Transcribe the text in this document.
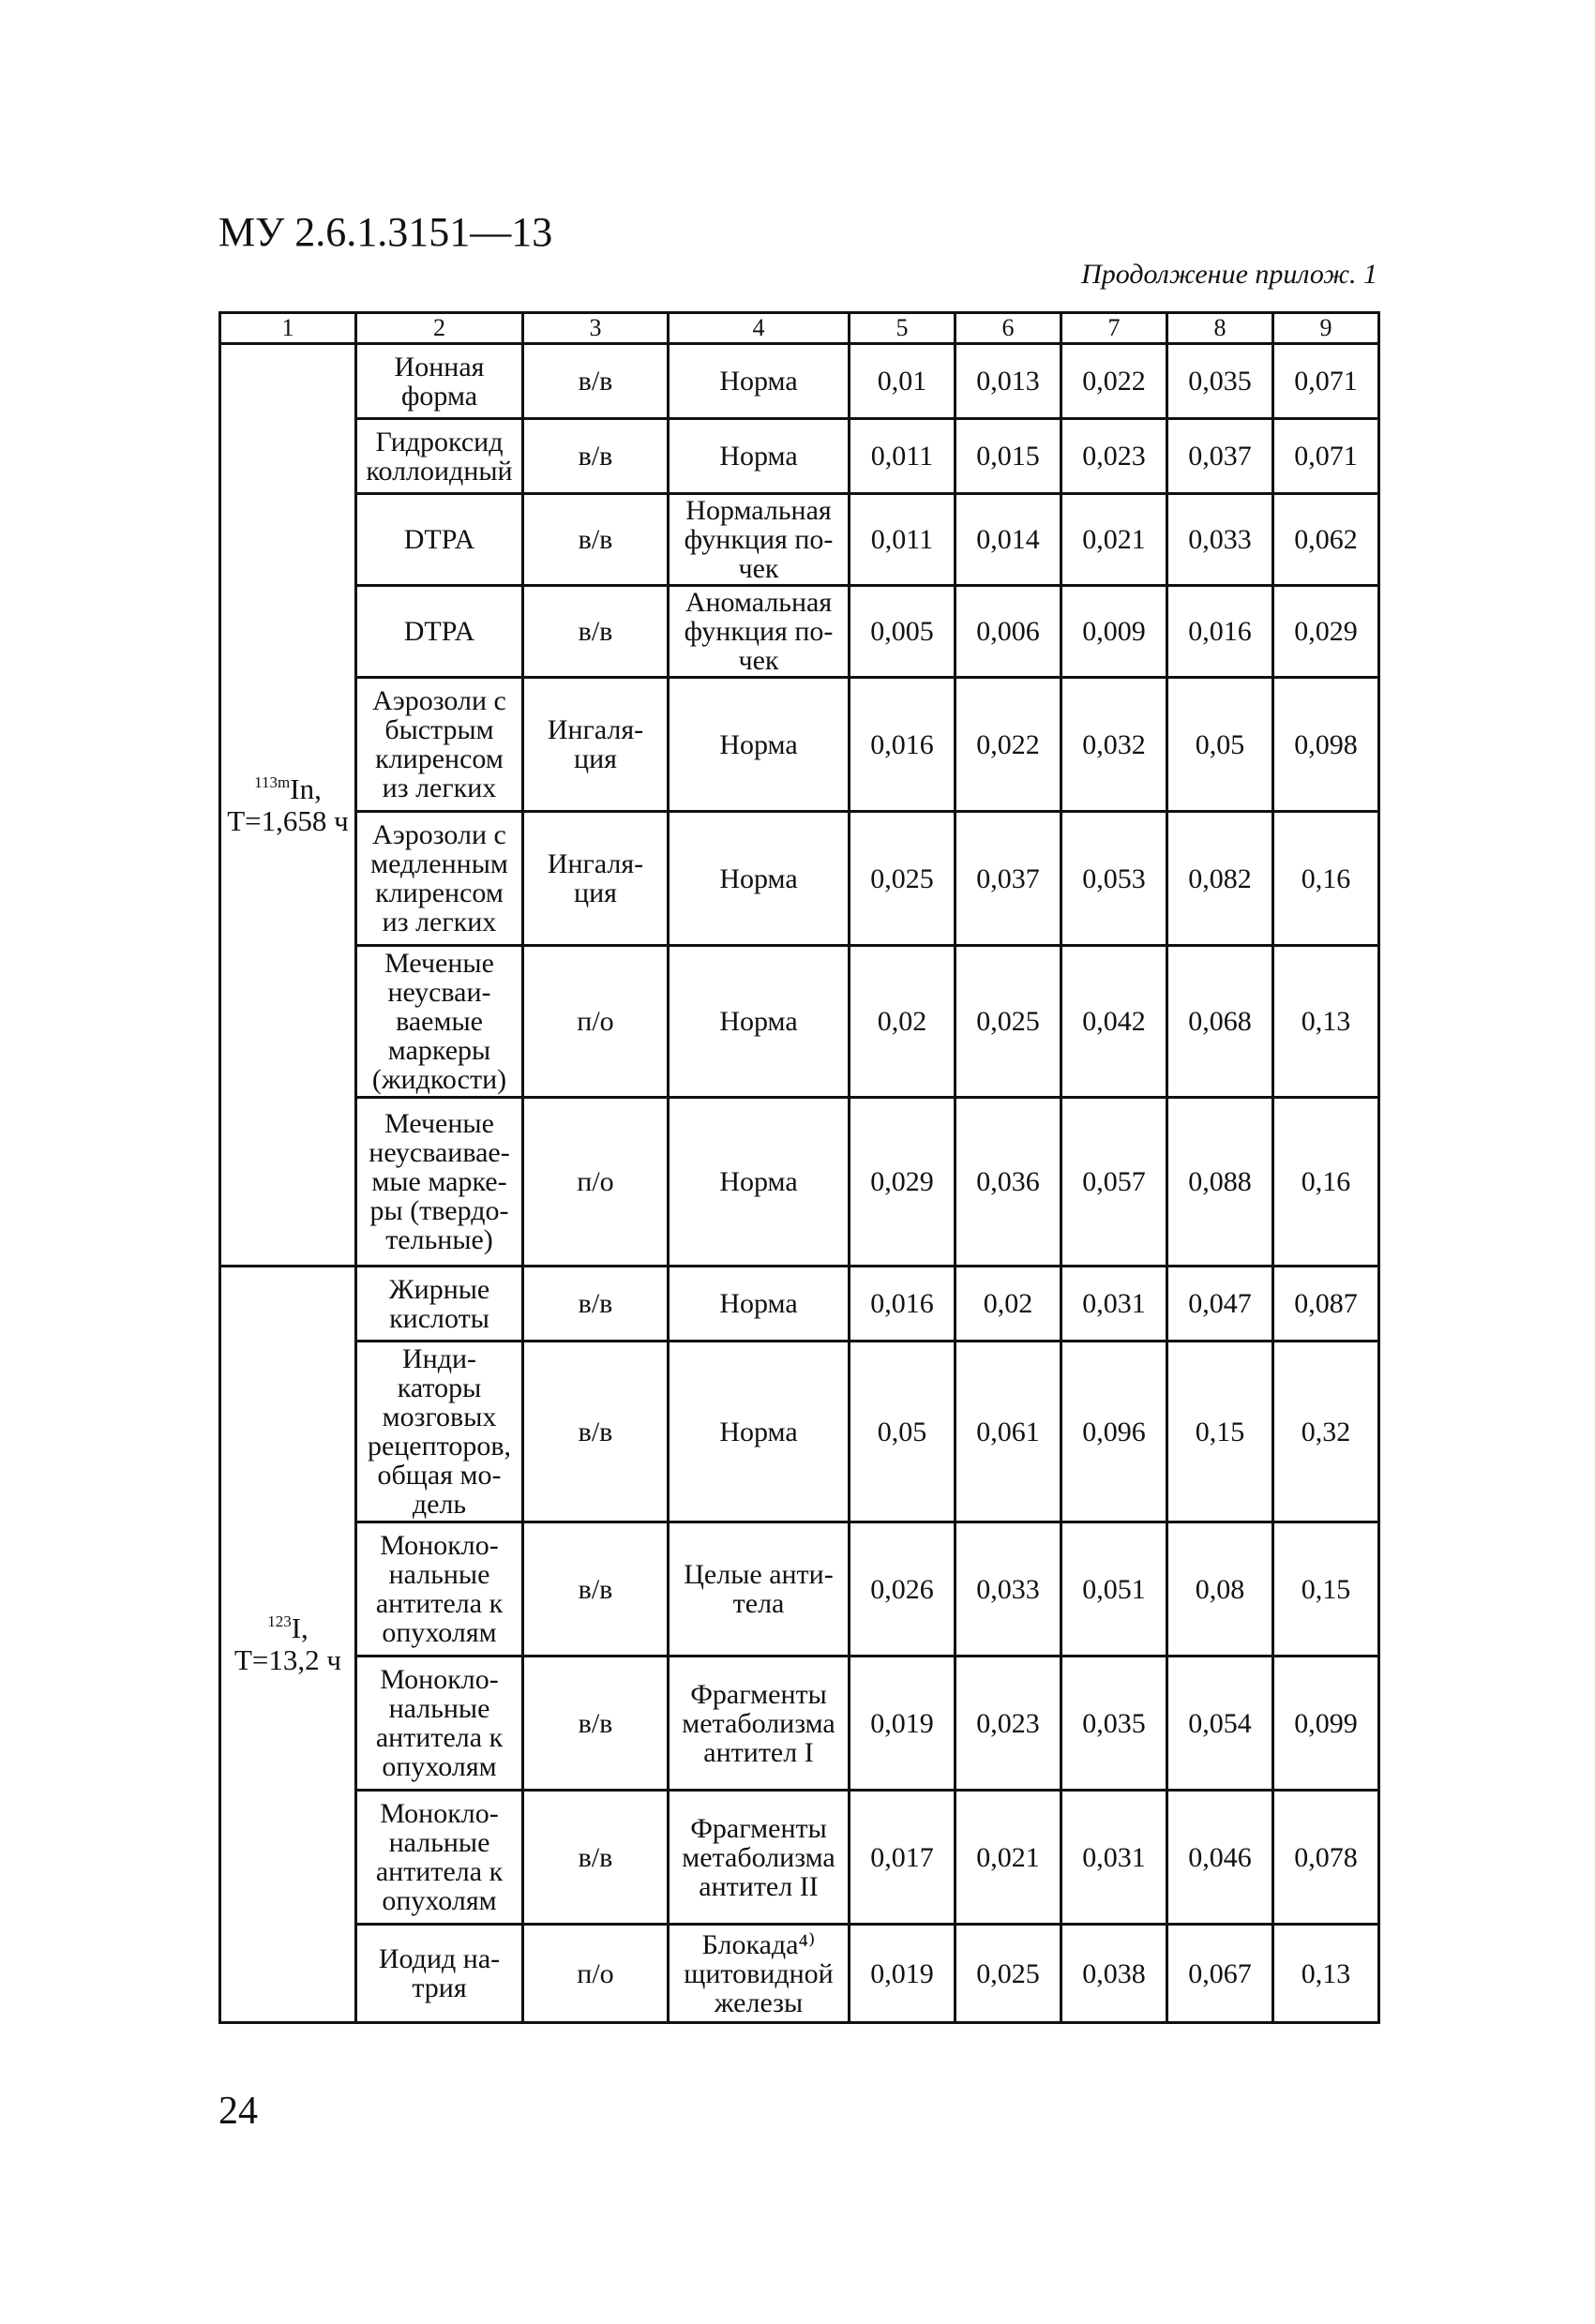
МУ 2.6.1.3151—13
Продолжение прилож. 1
1	2	3	4	5	6	7	8	9

$^{113m}$In,
T=1,658 ч	Ионная форма	в/в	Норма	0,01	0,013	0,022	0,035	0,071
	Гидроксид коллоидный	в/в	Норма	0,011	0,015	0,023	0,037	0,071
	DTPA	в/в	Нормальная функция по-чек	0,011	0,014	0,021	0,033	0,062
	DTPA	в/в	Аномальная функция по-чек	0,005	0,006	0,009	0,016	0,029
	Аэрозоли с быстрым клиренсом из легких	Ингаля-ция	Норма	0,016	0,022	0,032	0,05	0,098
	Аэрозоли с медленным клиренсом из легких	Ингаля-ция	Норма	0,025	0,037	0,053	0,082	0,16
	Меченые неусваи-ваемые маркеры (жидкости)	п/о	Норма	0,02	0,025	0,042	0,068	0,13
	Меченые неусваивае-мые марке-ры (твердо-тельные)	п/о	Норма	0,029	0,036	0,057	0,088	0,16

$^{123}$I,
T=13,2 ч	Жирные кислоты	в/в	Норма	0,016	0,02	0,031	0,047	0,087
	Инди-каторы мозговых рецепторов, общая мо-дель	в/в	Норма	0,05	0,061	0,096	0,15	0,32
	Монокло-нальные антитела к опухолям	в/в	Целые анти-тела	0,026	0,033	0,051	0,08	0,15
	Монокло-нальные антитела к опухолям	в/в	Фрагменты метаболизма антител I	0,019	0,023	0,035	0,054	0,099
	Монокло-нальные антитела к опухолям	в/в	Фрагменты метаболизма антител II	0,017	0,021	0,031	0,046	0,078
	Иодид на-трия	п/о	Блокада⁴⁾ щитовидной железы	0,019	0,025	0,038	0,067	0,13
24
